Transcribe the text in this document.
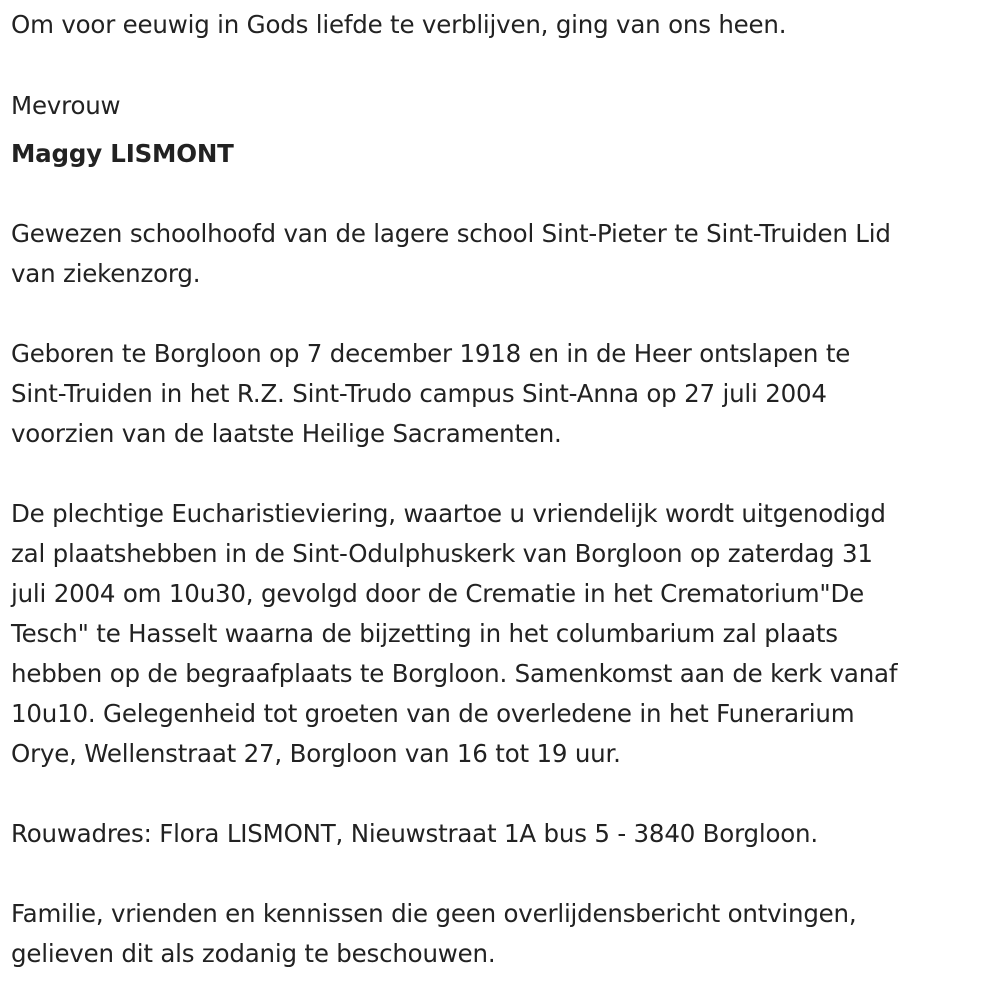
Om voor eeuwig in Gods liefde te verblijven, ging van ons heen.

Mevrouw

Maggy LISMONT

Gewezen schoolhoofd van de lagere school Sint-Pieter te Sint-Truiden Lid
van ziekenzorg.

Geboren te Borgloon op 7 december 1918 en in de Heer ontslapen te
Sint-Truiden in het R.Z. Sint-Trudo campus Sint-Anna op 27 juli 2004
voorzien van de laatste Heilige Sacramenten.

De plechtige Eucharistieviering, waartoe u vriendelijk wordt uitgenodigd
zal plaatshebben in de Sint-Odulphuskerk van Borgloon op zaterdag 31
juli 2004 om 10u30, gevolgd door de Crematie in het Crematorium"De
Tesch" te Hasselt waarna de bijzetting in het columbarium zal plaats
hebben op de begraafplaats te Borgloon. Samenkomst aan de kerk vanaf
10u10. Gelegenheid tot groeten van de overledene in het Funerarium
Orye, Wellenstraat 27, Borgloon van 16 tot 19 uur.

Rouwadres: Flora LISMONT, Nieuwstraat 1A bus 5 - 3840 Borgloon.

Familie, vrienden en kennissen die geen overlijdensbericht ontvingen,
gelieven dit als zodanig te beschouwen.
